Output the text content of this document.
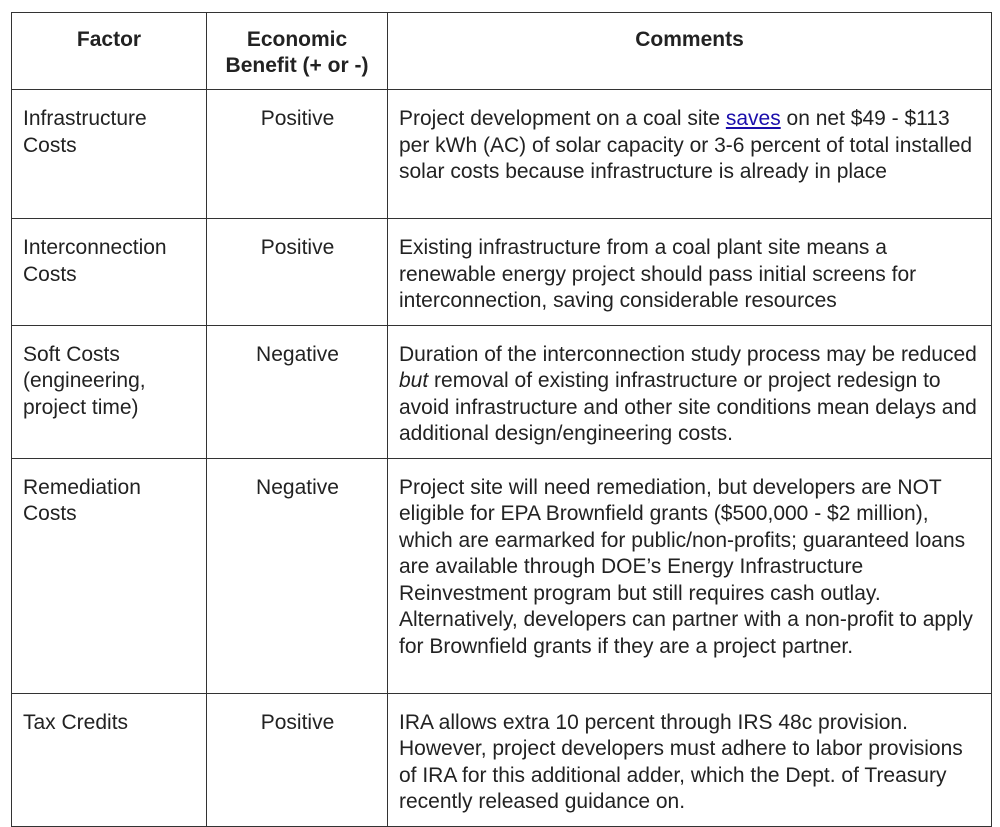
Factor	Economic Benefit (+ or -)	Comments
Infrastructure Costs	Positive	Project development on a coal site saves on net $49 - $113 per kWh (AC) of solar capacity or 3-6 percent of total installed solar costs because infrastructure is already in place
Interconnection Costs	Positive	Existing infrastructure from a coal plant site means a renewable energy project should pass initial screens for interconnection, saving considerable resources
Soft Costs (engineering, project time)	Negative	Duration of the interconnection study process may be reduced but removal of existing infrastructure or project redesign to avoid infrastructure and other site conditions mean delays and additional design/engineering costs.
Remediation Costs	Negative	Project site will need remediation, but developers are NOT eligible for EPA Brownfield grants ($500,000 - $2 million), which are earmarked for public/non-profits; guaranteed loans are available through DOE’s Energy Infrastructure Reinvestment program but still requires cash outlay. Alternatively, developers can partner with a non-profit to apply for Brownfield grants if they are a project partner.
Tax Credits	Positive	IRA allows extra 10 percent through IRS 48c provision. However, project developers must adhere to labor provisions of IRA for this additional adder, which the Dept. of Treasury recently released guidance on.
